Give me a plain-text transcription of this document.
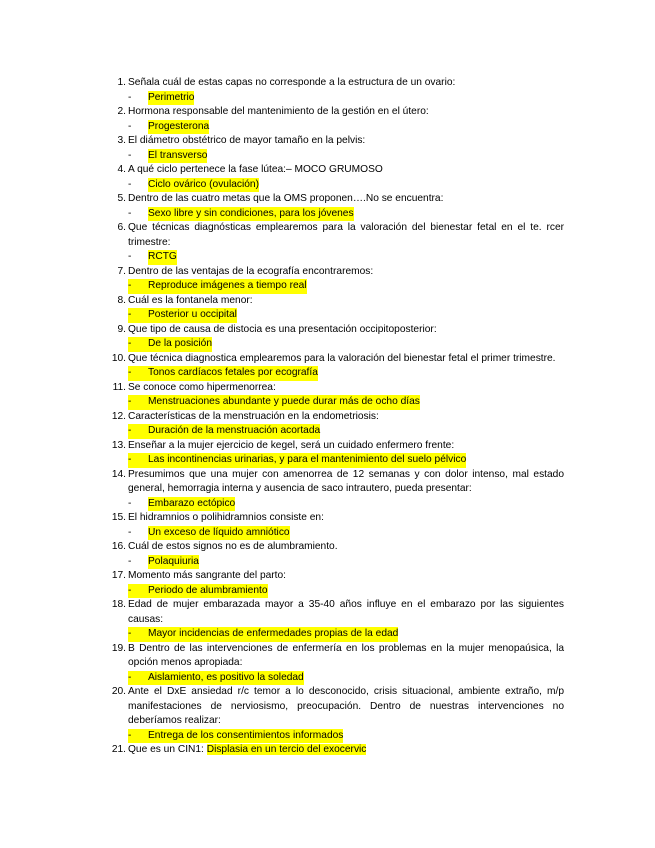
1. Señala cuál de estas capas no corresponde a la estructura de un ovario:
-	Perimetrio
2. Hormona responsable del mantenimiento de la gestión en el útero:
-	Progesterona
3. El diámetro obstétrico de mayor tamaño en la pelvis:
-	El transverso
4. A qué ciclo pertenece la fase lútea:– MOCO GRUMOSO
-	Ciclo ovárico (ovulación)
5. Dentro de las cuatro metas que la OMS proponen….No se encuentra:
-	Sexo libre y sin condiciones, para los jóvenes
6. Que técnicas diagnósticas emplearemos para la valoración del bienestar fetal en el te. rcer trimestre:
-	RCTG
7. Dentro de las ventajas de la ecografía encontraremos:
-	Reproduce imágenes a tiempo real
8. Cuál es la fontanela menor:
-	Posterior u occipital
9. Que tipo de causa de distocia es una presentación occipitoposterior:
-	De la posición
10. Que técnica diagnostica emplearemos para la valoración del bienestar fetal el primer trimestre.
-	Tonos cardíacos fetales por ecografía
11. Se conoce como hipermenorrea:
-	Menstruaciones abundante y puede durar más de ocho días
12. Características de la menstruación en la endometriosis:
-	Duración de la menstruación acortada
13. Enseñar a la mujer ejercicio de kegel, será un cuidado enfermero frente:
-	Las incontinencias urinarias, y para el mantenimiento del suelo pélvico
14. Presumimos que una mujer con amenorrea de 12 semanas y con dolor intenso, mal estado general, hemorragia interna y ausencia de saco intrautero, pueda presentar:
-	Embarazo ectópico
15. El hidramnios o polihidramnios consiste en:
-	Un exceso de líquido amniótico
16. Cuál de estos signos no es de alumbramiento.
-	Polaquiuria
17. Momento más sangrante del parto:
-	Periodo de alumbramiento
18. Edad de mujer embarazada mayor a 35-40 años influye en el embarazo por las siguientes causas:
-	Mayor incidencias de enfermedades propias de la edad
19. B Dentro de las intervenciones de enfermería en los problemas en la mujer menopaúsica, la opción menos apropiada:
-	Aislamiento, es positivo la soledad
20. Ante el DxE ansiedad r/c temor a lo desconocido, crisis situacional, ambiente extraño, m/p manifestaciones de nerviosismo, preocupación. Dentro de nuestras intervenciones no deberíamos realizar:
-	Entrega de los consentimientos informados
21. Que es un CIN1: Displasia en un tercio del exocervic
